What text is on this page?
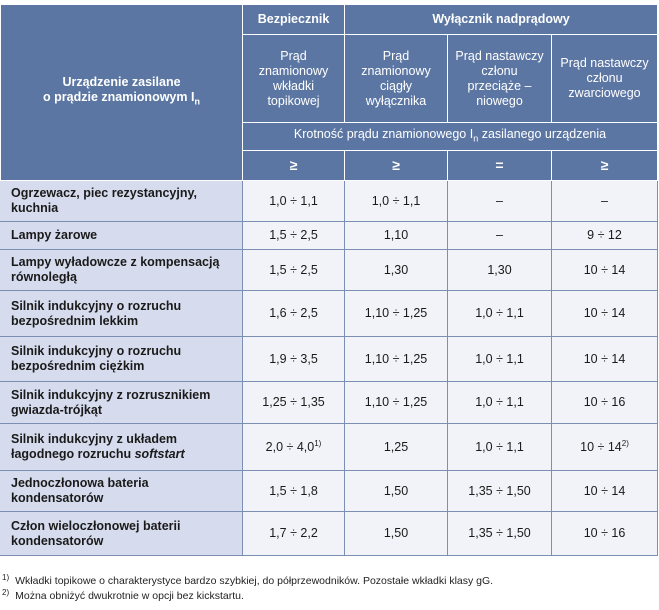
Urządzenie zasilane
o prądzie znamionowym $I_n$	Bezpiecznik	Wyłącznik nadprądowy		
	Prąd znamionowy wkładki topikowej	Prąd znamionowy ciągły wyłącznika	Prąd nastawczy członu przeciąże – niowego	Prąd nastawczy członu zwarciowego
	Krotność prądu znamionowego $I_n$ zasilanego urządzenia			
	≥	≥	=	≥
Ogrzewacz, piec rezystancyjny, kuchnia	1,0 ÷ 1,1	1,0 ÷ 1,1	–	–
Lampy żarowe	1,5 ÷ 2,5	1,10	–	9 ÷ 12
Lampy wyładowcze z kompensacją równoległą	1,5 ÷ 2,5	1,30	1,30	10 ÷ 14
Silnik indukcyjny o rozruchu bezpośrednim lekkim	1,6 ÷ 2,5	1,10 ÷ 1,25	1,0 ÷ 1,1	10 ÷ 14
Silnik indukcyjny o rozruchu bezpośrednim ciężkim	1,9 ÷ 3,5	1,10 ÷ 1,25	1,0 ÷ 1,1	10 ÷ 14
Silnik indukcyjny z rozrusznikiem gwiazda-trójkąt	1,25 ÷ 1,35	1,10 ÷ 1,25	1,0 ÷ 1,1	10 ÷ 16
Silnik indukcyjny z układem łagodnego rozruchu softstart	$2,0 \div 4,0^{1)}$	1,25	1,0 ÷ 1,1	$10 \div 14^{2)}$
Jednoczłonowa bateria kondensatorów	1,5 ÷ 1,8	1,50	1,35 ÷ 1,50	10 ÷ 14
Człon wieloczłonowej baterii kondensatorów	1,7 ÷ 2,2	1,50	1,35 ÷ 1,50	10 ÷ 16
$^{1)}$ Wkładki topikowe o charakterystyce bardzo szybkiej, do półprzewodników. Pozostałe wkładki klasy gG.
$^{2)}$ Można obniżyć dwukrotnie w opcji bez kickstartu.
